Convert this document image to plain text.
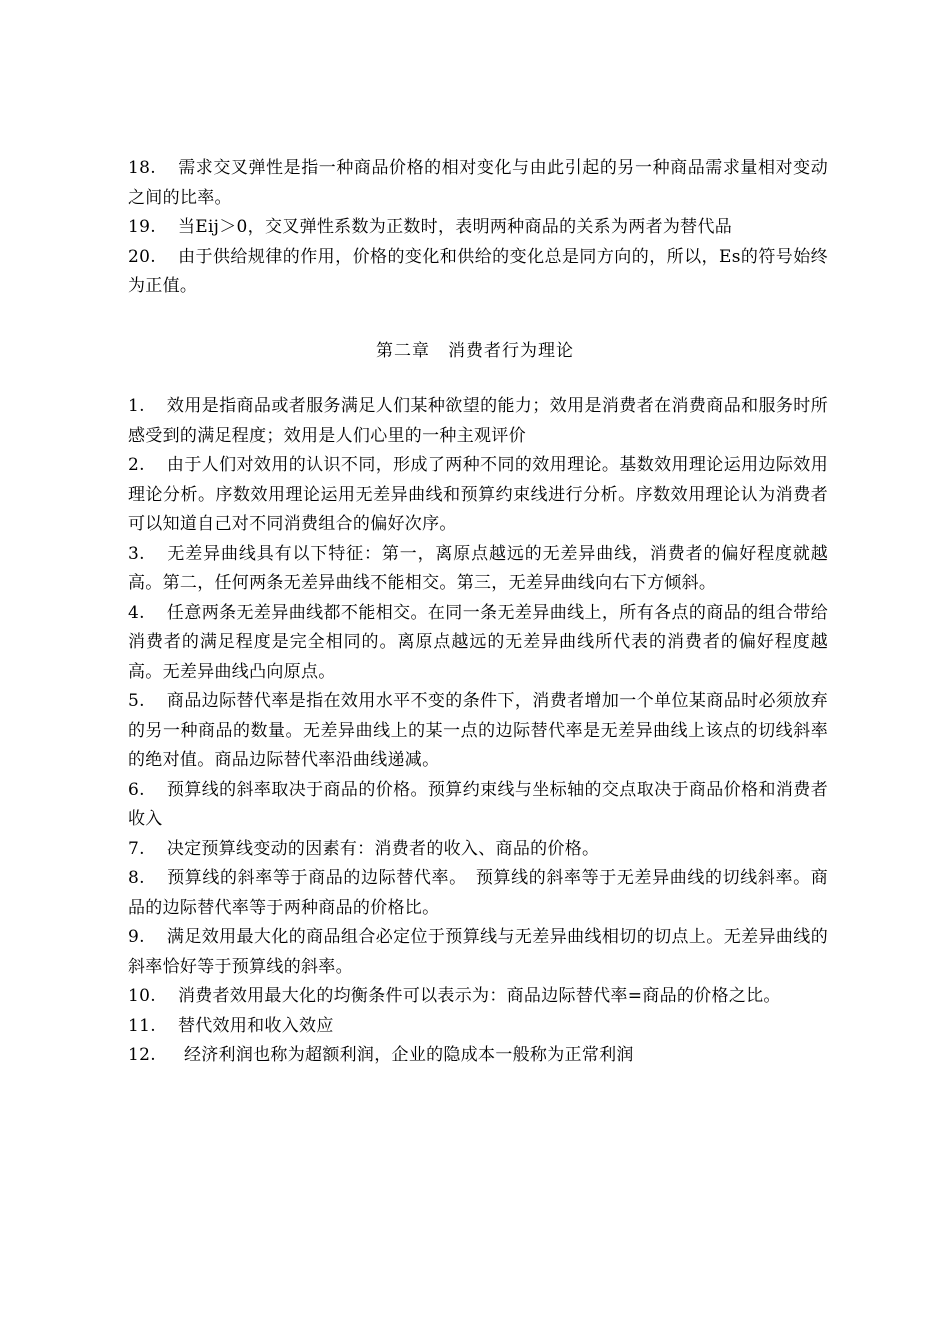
18. 需求交叉弹性是指一种商品价格的相对变化与由此引起的另一种商品需求量相对变动之间的比率。

19. 当Eij＞0，交叉弹性系数为正数时，表明两种商品的关系为两者为替代品

20. 由于供给规律的作用，价格的变化和供给的变化总是同方向的，所以，Es的符号始终为正值。

第二章　消费者行为理论

1. 效用是指商品或者服务满足人们某种欲望的能力；效用是消费者在消费商品和服务时所感受到的满足程度；效用是人们心里的一种主观评价

2. 由于人们对效用的认识不同，形成了两种不同的效用理论。基数效用理论运用边际效用理论分析。序数效用理论运用无差异曲线和预算约束线进行分析。序数效用理论认为消费者可以知道自己对不同消费组合的偏好次序。

3. 无差异曲线具有以下特征：第一，离原点越远的无差异曲线，消费者的偏好程度就越高。第二，任何两条无差异曲线不能相交。第三，无差异曲线向右下方倾斜。

4. 任意两条无差异曲线都不能相交。在同一条无差异曲线上，所有各点的商品的组合带给消费者的满足程度是完全相同的。离原点越远的无差异曲线所代表的消费者的偏好程度越高。无差异曲线凸向原点。

5. 商品边际替代率是指在效用水平不变的条件下，消费者增加一个单位某商品时必须放弃的另一种商品的数量。无差异曲线上的某一点的边际替代率是无差异曲线上该点的切线斜率的绝对值。商品边际替代率沿曲线递减。

6. 预算线的斜率取决于商品的价格。预算约束线与坐标轴的交点取决于商品价格和消费者收入

7. 决定预算线变动的因素有：消费者的收入、商品的价格。

8. 预算线的斜率等于商品的边际替代率。　预算线的斜率等于无差异曲线的切线斜率。商品的边际替代率等于两种商品的价格比。

9. 满足效用最大化的商品组合必定位于预算线与无差异曲线相切的切点上。无差异曲线的斜率恰好等于预算线的斜率。

10. 消费者效用最大化的均衡条件可以表示为：商品边际替代率=商品的价格之比。

11. 替代效用和收入效应

12. 经济利润也称为超额利润，企业的隐成本一般称为正常利润
